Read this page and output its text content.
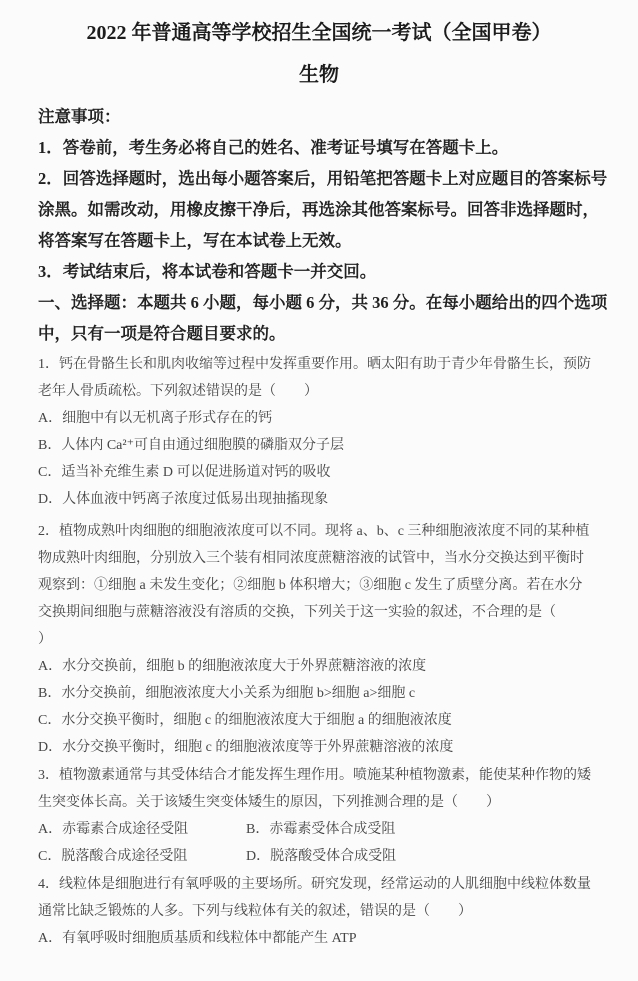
2022 年普通高等学校招生全国统一考试（全国甲卷）
生物
注意事项：
1．答卷前，考生务必将自己的姓名、准考证号填写在答题卡上。
2．回答选择题时，选出每小题答案后，用铅笔把答题卡上对应题目的答案标号
涂黑。如需改动，用橡皮擦干净后，再选涂其他答案标号。回答非选择题时，
将答案写在答题卡上，写在本试卷上无效。
3．考试结束后，将本试卷和答题卡一并交回。
一、选择题：本题共 6 小题，每小题 6 分，共 36 分。在每小题给出的四个选项
中，只有一项是符合题目要求的。
1．钙在骨骼生长和肌肉收缩等过程中发挥重要作用。晒太阳有助于青少年骨骼生长，预防
老年人骨质疏松。下列叙述错误的是（　　）
A．细胞中有以无机离子形式存在的钙
B．人体内 Ca²⁺可自由通过细胞膜的磷脂双分子层
C．适当补充维生素 D 可以促进肠道对钙的吸收
D．人体血液中钙离子浓度过低易出现抽搐现象
2．植物成熟叶肉细胞的细胞液浓度可以不同。现将 a、b、c 三种细胞液浓度不同的某种植
物成熟叶肉细胞，分别放入三个装有相同浓度蔗糖溶液的试管中，当水分交换达到平衡时
观察到：①细胞 a 未发生变化；②细胞 b 体积增大；③细胞 c 发生了质壁分离。若在水分
交换期间细胞与蔗糖溶液没有溶质的交换，下列关于这一实验的叙述，不合理的是（
）
A．水分交换前，细胞 b 的细胞液浓度大于外界蔗糖溶液的浓度
B．水分交换前，细胞液浓度大小关系为细胞 b>细胞 a>细胞 c
C．水分交换平衡时，细胞 c 的细胞液浓度大于细胞 a 的细胞液浓度
D．水分交换平衡时，细胞 c 的细胞液浓度等于外界蔗糖溶液的浓度
3．植物激素通常与其受体结合才能发挥生理作用。喷施某种植物激素，能使某种作物的矮
生突变体长高。关于该矮生突变体矮生的原因，下列推测合理的是（　　）
A．赤霉素合成途径受阻	B．赤霉素受体合成受阻
C．脱落酸合成途径受阻	D．脱落酸受体合成受阻
4．线粒体是细胞进行有氧呼吸的主要场所。研究发现，经常运动的人肌细胞中线粒体数量
通常比缺乏锻炼的人多。下列与线粒体有关的叙述，错误的是（　　）
A．有氧呼吸时细胞质基质和线粒体中都能产生 ATP
